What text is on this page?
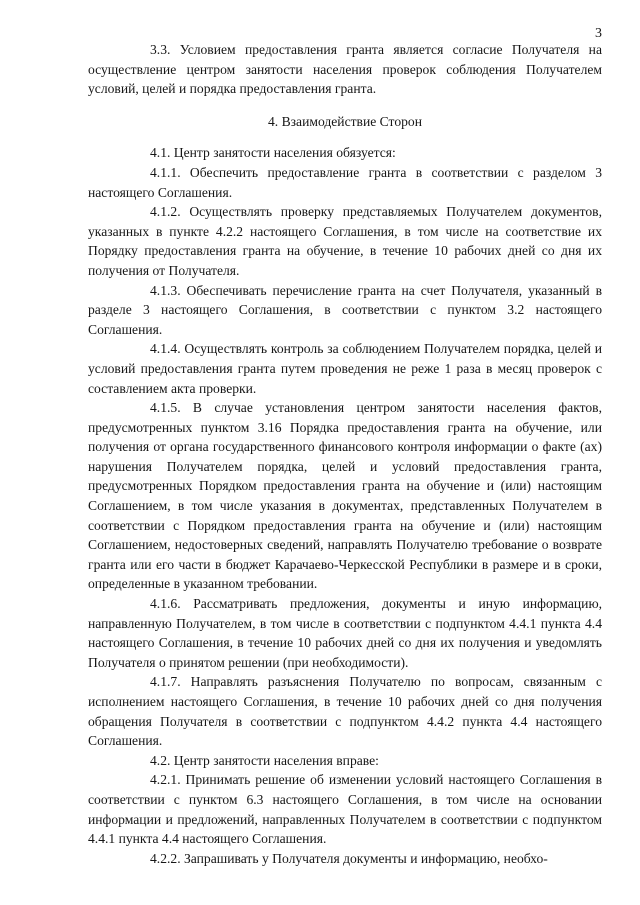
3

3.3. Условием предоставления гранта является согласие Получателя на осуществление центром занятости населения проверок соблюдения Получателем условий, целей и порядка предоставления гранта.

4. Взаимодействие Сторон

4.1. Центр занятости населения обязуется:

4.1.1. Обеспечить предоставление гранта в соответствии с разделом 3 настоящего Соглашения.

4.1.2. Осуществлять проверку представляемых Получателем документов, указанных в пункте 4.2.2 настоящего Соглашения, в том числе на соответствие их Порядку предоставления гранта на обучение, в течение 10 рабочих дней со дня их получения от Получателя.

4.1.3. Обеспечивать перечисление гранта на счет Получателя, указанный в разделе 3 настоящего Соглашения, в соответствии с пунктом 3.2 настоящего Соглашения.

4.1.4. Осуществлять контроль за соблюдением Получателем порядка, целей и условий предоставления гранта путем проведения не реже 1 раза в месяц проверок с составлением акта проверки.

4.1.5. В случае установления центром занятости населения фактов, предусмотренных пунктом 3.16 Порядка предоставления гранта на обучение, или получения от органа государственного финансового контроля информации о факте (ах) нарушения Получателем порядка, целей и условий предоставления гранта, предусмотренных Порядком предоставления гранта на обучение и (или) настоящим Соглашением, в том числе указания в документах, представленных Получателем в соответствии с Порядком предоставления гранта на обучение и (или) настоящим Соглашением, недостоверных сведений, направлять Получателю требование о возврате гранта или его части в бюджет Карачаево-Черкесской Республики в размере и в сроки, определенные в указанном требовании.

4.1.6. Рассматривать предложения, документы и иную информацию, направленную Получателем, в том числе в соответствии с подпунктом 4.4.1 пункта 4.4 настоящего Соглашения, в течение 10 рабочих дней со дня их получения и уведомлять Получателя о принятом решении (при необходимости).

4.1.7. Направлять разъяснения Получателю по вопросам, связанным с исполнением настоящего Соглашения, в течение 10 рабочих дней со дня получения обращения Получателя в соответствии с подпунктом 4.4.2 пункта 4.4 настоящего Соглашения.

4.2. Центр занятости населения вправе:

4.2.1. Принимать решение об изменении условий настоящего Соглашения в соответствии с пунктом 6.3 настоящего Соглашения, в том числе на основании информации и предложений, направленных Получателем в соответствии с подпунктом 4.4.1 пункта 4.4 настоящего Соглашения.

4.2.2. Запрашивать у Получателя документы и информацию, необхо-
